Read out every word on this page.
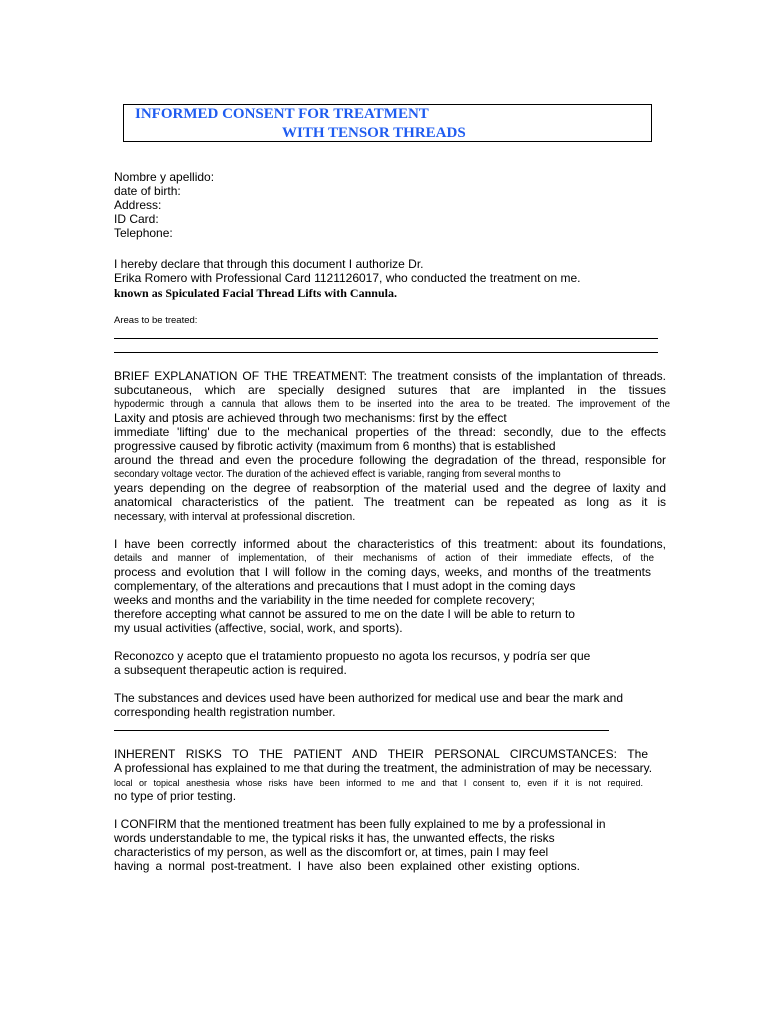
INFORMED CONSENT FOR TREATMENT
WITH TENSOR THREADS
Nombre y apellido:
date of birth:
Address:
ID Card:
Telephone:
I hereby declare that through this document I authorize Dr.
Erika Romero with Professional Card 1121126017, who conducted the treatment on me.
known as Spiculated Facial Thread Lifts with Cannula.
Areas to be treated:
BRIEF EXPLANATION OF THE TREATMENT: The treatment consists of the implantation of threads.
subcutaneous, which are specially designed sutures that are implanted in the tissues
hypodermic through a cannula that allows them to be inserted into the area to be treated. The improvement of the
Laxity and ptosis are achieved through two mechanisms: first by the effect
immediate 'lifting' due to the mechanical properties of the thread: secondly, due to the effects
progressive caused by fibrotic activity (maximum from 6 months) that is established
around the thread and even the procedure following the degradation of the thread, responsible for
secondary voltage vector. The duration of the achieved effect is variable, ranging from several months to
years depending on the degree of reabsorption of the material used and the degree of laxity and
anatomical characteristics of the patient. The treatment can be repeated as long as it is
necessary, with interval at professional discretion.
I have been correctly informed about the characteristics of this treatment: about its foundations,
details and manner of implementation, of their mechanisms of action of their immediate effects, of the
process and evolution that I will follow in the coming days, weeks, and months of the treatments
complementary, of the alterations and precautions that I must adopt in the coming days
weeks and months and the variability in the time needed for complete recovery;
therefore accepting what cannot be assured to me on the date I will be able to return to
my usual activities (affective, social, work, and sports).
Reconozco y acepto que el tratamiento propuesto no agota los recursos, y podría ser que
a subsequent therapeutic action is required.
The substances and devices used have been authorized for medical use and bear the mark and
corresponding health registration number.
INHERENT RISKS TO THE PATIENT AND THEIR PERSONAL CIRCUMSTANCES: The
A professional has explained to me that during the treatment, the administration of may be necessary.
local or topical anesthesia whose risks have been informed to me and that I consent to, even if it is not required.
no type of prior testing.
I CONFIRM that the mentioned treatment has been fully explained to me by a professional in
words understandable to me, the typical risks it has, the unwanted effects, the risks
characteristics of my person, as well as the discomfort or, at times, pain I may feel
having a normal post-treatment. I have also been explained other existing options.
